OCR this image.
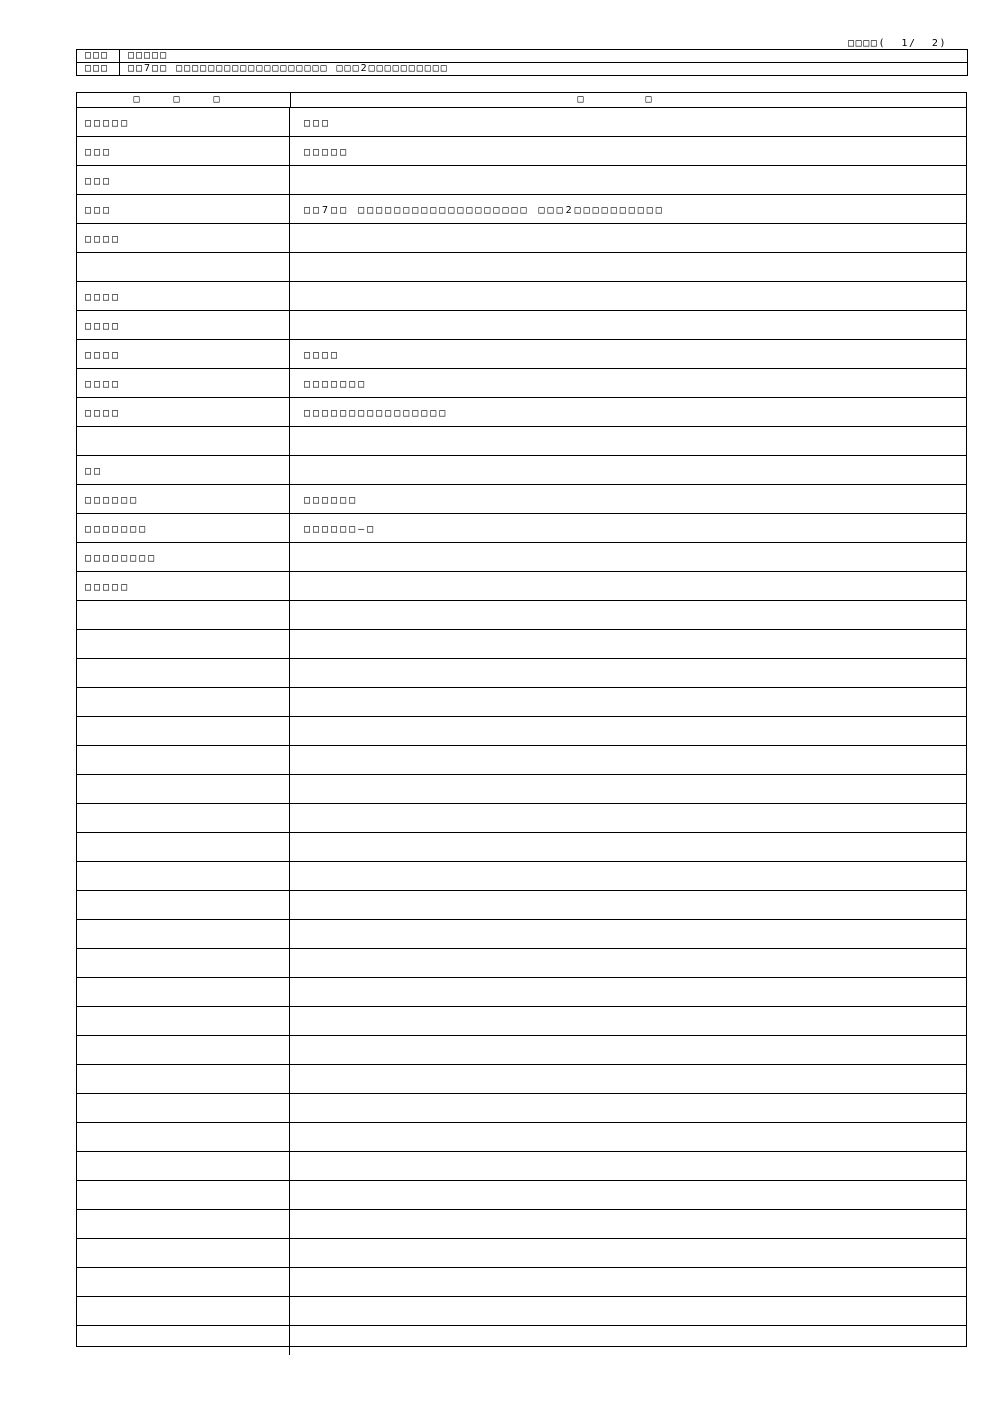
□□□□(  1/  2)
□□□	□□□□□
□□□	□□7□□ □□□□□□□□□□□□□□□□□□□ □□□2□□□□□□□□□□
□ □ □	□ □
□□□□□	□□□
□□□	□□□□□
□□□
□□□	□□7□□ □□□□□□□□□□□□□□□□□□□ □□□2□□□□□□□□□□
□□□□
□□□□
□□□□
□□□□	□□□□
□□□□	□□□□□□□
□□□□	□□□□□□□□□□□□□□□□
□□
□□□□□□	□□□□□□
□□□□□□□	□□□□□□—□
□□□□□□□□
□□□□□
